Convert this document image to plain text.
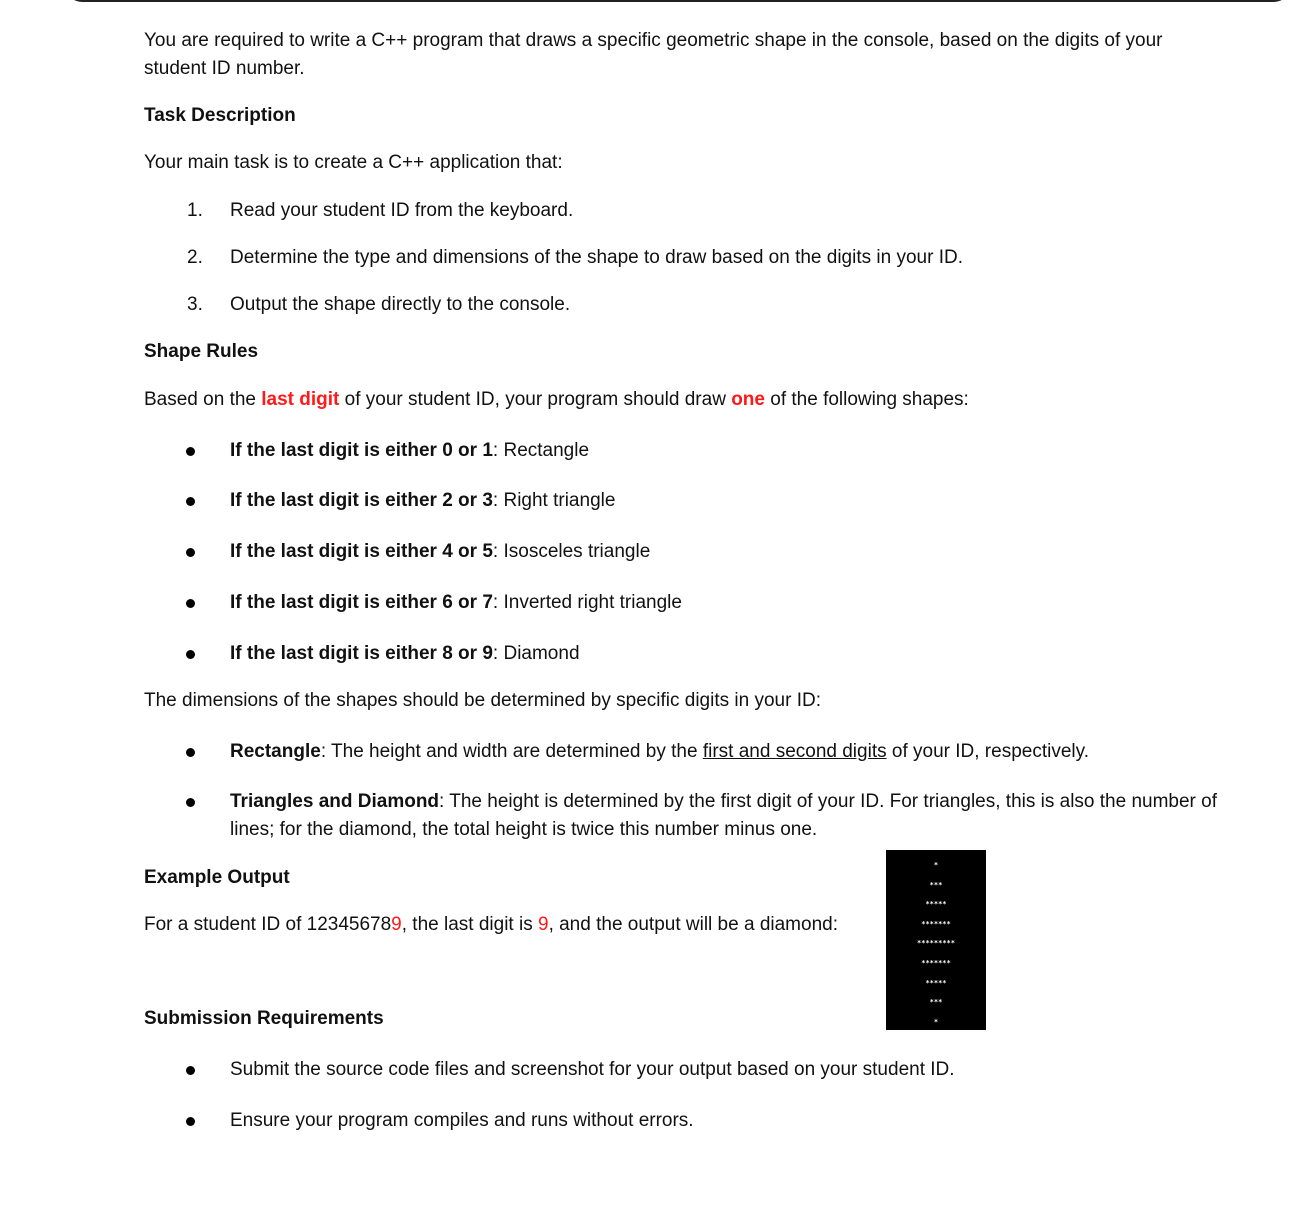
You are required to write a C++ program that draws a specific geometric shape in the console, based on the digits of your student ID number.
Task Description
Your main task is to create a C++ application that:
1. Read your student ID from the keyboard.
2. Determine the type and dimensions of the shape to draw based on the digits in your ID.
3. Output the shape directly to the console.
Shape Rules
Based on the last digit of your student ID, your program should draw one of the following shapes:
If the last digit is either 0 or 1: Rectangle
If the last digit is either 2 or 3: Right triangle
If the last digit is either 4 or 5: Isosceles triangle
If the last digit is either 6 or 7: Inverted right triangle
If the last digit is either 8 or 9: Diamond
The dimensions of the shapes should be determined by specific digits in your ID:
Rectangle: The height and width are determined by the first and second digits of your ID, respectively.
Triangles and Diamond: The height is determined by the first digit of your ID. For triangles, this is also the number of lines; for the diamond, the total height is twice this number minus one.
Example Output
For a student ID of 123456789, the last digit is 9, and the output will be a diamond:
*
***
*****
*******
*********
*******
*****
***
*
Submission Requirements
Submit the source code files and screenshot for your output based on your student ID.
Ensure your program compiles and runs without errors.
